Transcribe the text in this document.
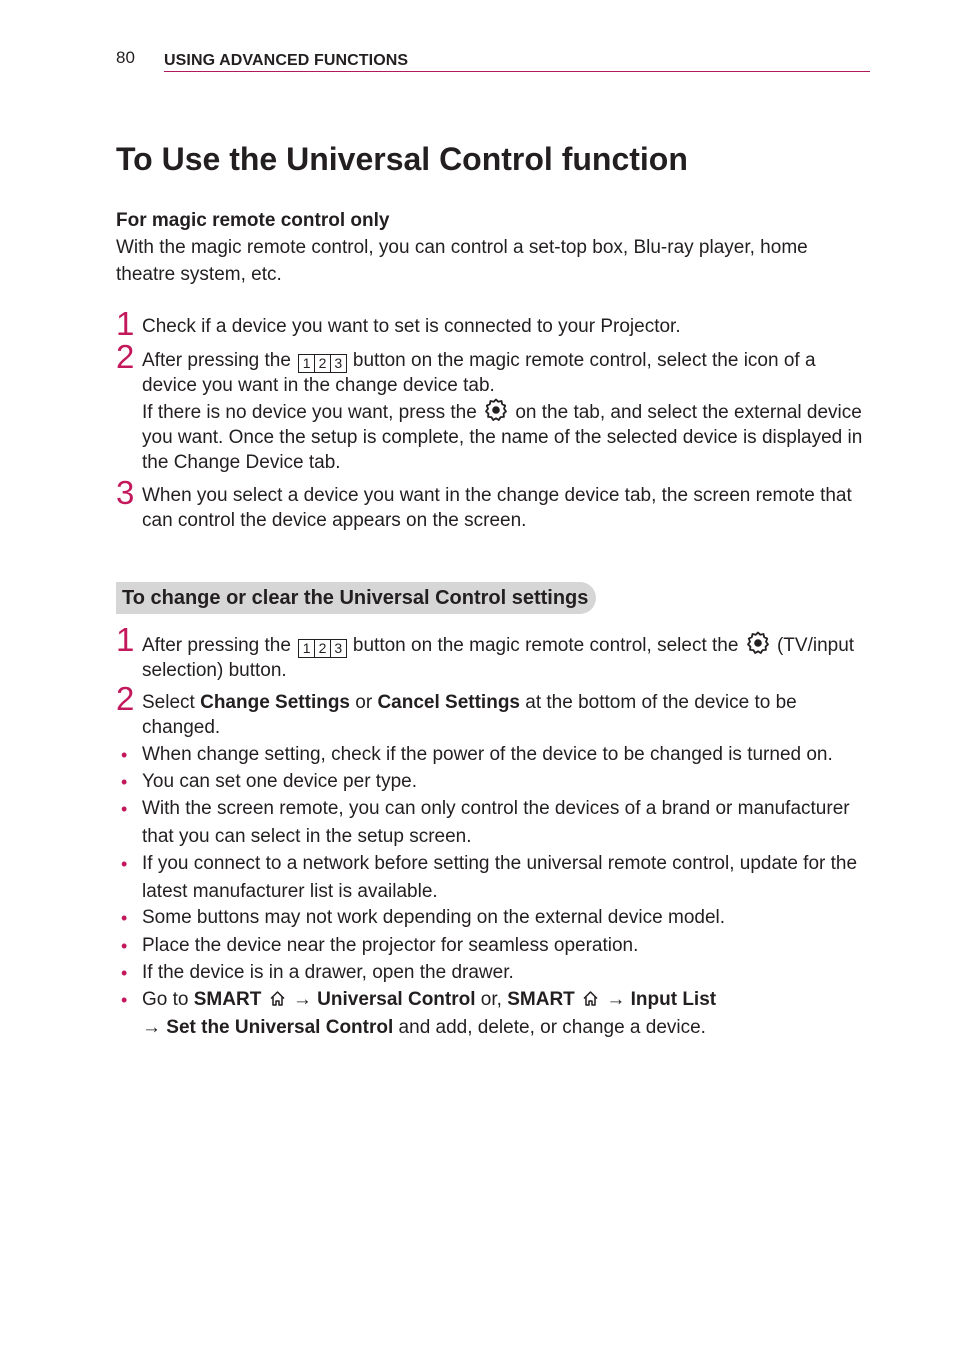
80 USING ADVANCED FUNCTIONS
To Use the Universal Control function

For magic remote control only

With the magic remote control, you can control a set-top box, Blu-ray player, home theatre system, etc.

1 Check if a device you want to set is connected to your Projector.

2 After pressing the 1 2 3 button on the magic remote control, select the icon of a device you want in the change device tab.
If there is no device you want, press the on the tab, and select the external device you want. Once the setup is complete, the name of the selected device is displayed in the Change Device tab.
3 When you select a device you want in the change device tab, the screen remote that can control the device appears on the screen.

To change or clear the Universal Control settings
1 After pressing the 1 2 3 button on the magic remote control, select the (TV/input selection) button.
2 Select Change Settings or Cancel Settings at the bottom of the device to be changed.

• When change setting, check if the power of the device to be changed is turned on.

• You can set one device per type.

• With the screen remote, you can only control the devices of a brand or manufacturer that you can select in the setup screen.

• If you connect to a network before setting the universal remote control, update for the latest manufacturer list is available.

• Some buttons may not work depending on the external device model.

• Place the device near the projector for seamless operation.

• If the device is in a drawer, open the drawer.

• Go to SMART → Universal Control or, SMART → Input List
→ Set the Universal Control and add, delete, or change a device.
